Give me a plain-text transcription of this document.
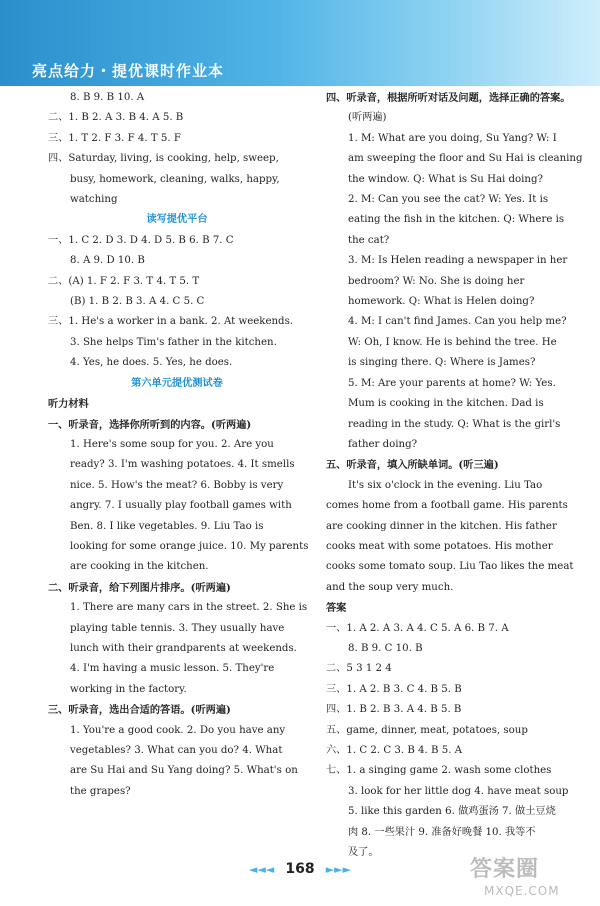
亮点给力・提优课时作业本
8. B 9. B 10. A
二、1. B 2. A 3. B 4. A 5. B
三、1. T 2. F 3. F 4. T 5. F
四、Saturday, living, is cooking, help, sweep,
busy, homework, cleaning, walks, happy,
watching
读写提优平台
一、1. C 2. D 3. D 4. D 5. B 6. B 7. C
8. A 9. D 10. B
二、(A) 1. F 2. F 3. T 4. T 5. T
(B) 1. B 2. B 3. A 4. C 5. C
三、1. He's a worker in a bank. 2. At weekends.
3. She helps Tim's father in the kitchen.
4. Yes, he does. 5. Yes, he does.
第六单元提优测试卷
听力材料
一、听录音，选择你所听到的内容。(听两遍)
1. Here's some soup for you. 2. Are you
ready? 3. I'm washing potatoes. 4. It smells
nice. 5. How's the meat? 6. Bobby is very
angry. 7. I usually play football games with
Ben. 8. I like vegetables. 9. Liu Tao is
looking for some orange juice. 10. My parents
are cooking in the kitchen.
二、听录音，给下列图片排序。(听两遍)
1. There are many cars in the street. 2. She is
playing table tennis. 3. They usually have
lunch with their grandparents at weekends.
4. I'm having a music lesson. 5. They're
working in the factory.
三、听录音，选出合适的答语。(听两遍)
1. You're a good cook. 2. Do you have any
vegetables? 3. What can you do? 4. What
are Su Hai and Su Yang doing? 5. What's on
the grapes?
四、听录音，根据所听对话及问题，选择正确的答案。
(听两遍)
1. M: What are you doing, Su Yang? W: I
am sweeping the floor and Su Hai is cleaning
the window. Q: What is Su Hai doing?
2. M: Can you see the cat? W: Yes. It is
eating the fish in the kitchen. Q: Where is
the cat?
3. M: Is Helen reading a newspaper in her
bedroom? W: No. She is doing her
homework. Q: What is Helen doing?
4. M: I can't find James. Can you help me?
W: Oh, I know. He is behind the tree. He
is singing there. Q: Where is James?
5. M: Are your parents at home? W: Yes.
Mum is cooking in the kitchen. Dad is
reading in the study. Q: What is the girl's
father doing?
五、听录音，填入所缺单词。(听三遍)
It's six o'clock in the evening. Liu Tao
comes home from a football game. His parents
are cooking dinner in the kitchen. His father
cooks meat with some potatoes. His mother
cooks some tomato soup. Liu Tao likes the meat
and the soup very much.
答案
一、1. A 2. A 3. A 4. C 5. A 6. B 7. A
8. B 9. C 10. B
二、5 3 1 2 4
三、1. A 2. B 3. C 4. B 5. B
四、1. B 2. B 3. A 4. B 5. B
五、game, dinner, meat, potatoes, soup
六、1. C 2. C 3. B 4. B 5. A
七、1. a singing game 2. wash some clothes
3. look for her little dog 4. have meat soup
5. like this garden 6. 做鸡蛋汤 7. 做土豆烧
肉 8. 一些果汁 9. 准备好晚餐 10. 我等不
及了。
◄◄◄ 168 ►►►	答案圈
MXQE.COM
